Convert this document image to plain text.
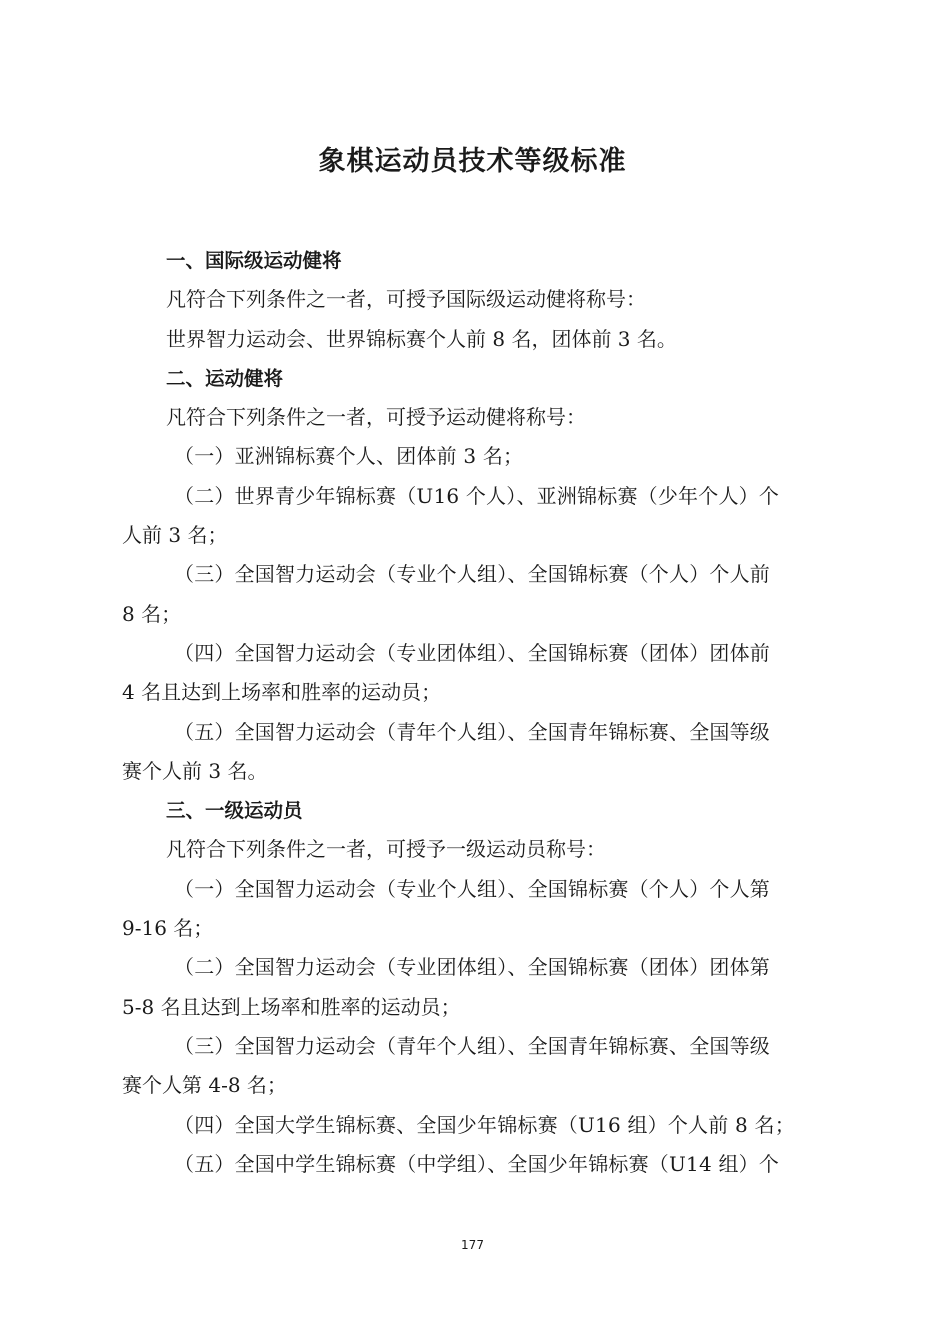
象棋运动员技术等级标准
一、国际级运动健将
凡符合下列条件之一者，可授予国际级运动健将称号：
世界智力运动会、世界锦标赛个人前 8 名，团体前 3 名。
二、运动健将
凡符合下列条件之一者，可授予运动健将称号：
（一）亚洲锦标赛个人、团体前 3 名；
（二）世界青少年锦标赛（U16 个人）、亚洲锦标赛（少年个人）个
人前 3 名；
（三）全国智力运动会（专业个人组）、全国锦标赛（个人）个人前
8 名；
（四）全国智力运动会（专业团体组）、全国锦标赛（团体）团体前
4 名且达到上场率和胜率的运动员；
（五）全国智力运动会（青年个人组）、全国青年锦标赛、全国等级
赛个人前 3 名。
三、一级运动员
凡符合下列条件之一者，可授予一级运动员称号：
（一）全国智力运动会（专业个人组）、全国锦标赛（个人）个人第
9-16 名；
（二）全国智力运动会（专业团体组）、全国锦标赛（团体）团体第
5-8 名且达到上场率和胜率的运动员；
（三）全国智力运动会（青年个人组）、全国青年锦标赛、全国等级
赛个人第 4-8 名；
（四）全国大学生锦标赛、全国少年锦标赛（U16 组）个人前 8 名；
（五）全国中学生锦标赛（中学组）、全国少年锦标赛（U14 组）个
177
